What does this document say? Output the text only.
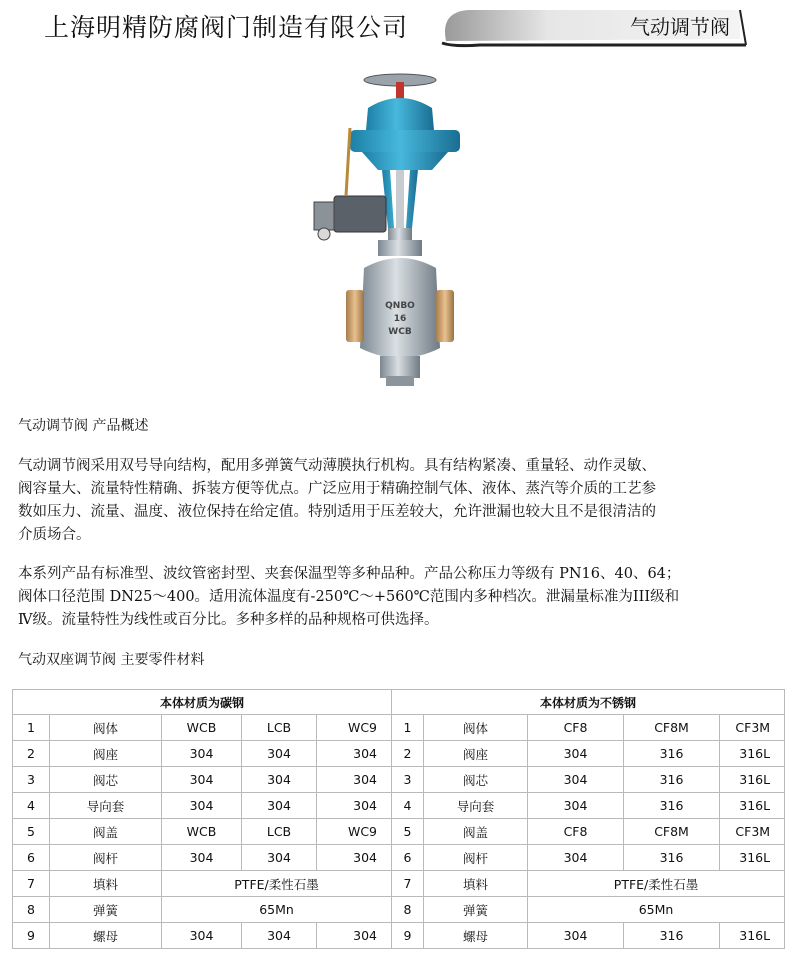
上海明精防腐阀门制造有限公司	气动调节阀
QNBO
16
WCB
气动调节阀 产品概述
气动调节阀采用双号导向结构，配用多弹簧气动薄膜执行机构。具有结构紧凑、重量轻、动作灵敏、
阀容量大、流量特性精确、拆装方便等优点。广泛应用于精确控制气体、液体、蒸汽等介质的工艺参
数如压力、流量、温度、液位保持在给定值。特别适用于压差较大，允许泄漏也较大且不是很清洁的
介质场合。
本系列产品有标准型、波纹管密封型、夹套保温型等多种品种。产品公称压力等级有 PN16、40、64；
阀体口径范围 DN25～400。适用流体温度有-250℃～+560℃范围内多种档次。泄漏量标准为III级和
Ⅳ级。流量特性为线性或百分比。多种多样的品种规格可供选择。
气动双座调节阀 主要零件材料
本体材质为碳钢					本体材质为不锈钢				
1	阀体	WCB	LCB	WC9	1	阀体	CF8	CF8M	CF3M
2	阀座	304	304	304	2	阀座	304	316	316L
3	阀芯	304	304	304	3	阀芯	304	316	316L
4	导向套	304	304	304	4	导向套	304	316	316L
5	阀盖	WCB	LCB	WC9	5	阀盖	CF8	CF8M	CF3M
6	阀杆	304	304	304	6	阀杆	304	316	316L
7	填料	PTFE/柔性石墨			7	填料	PTFE/柔性石墨		
8	弹簧	65Mn			8	弹簧	65Mn		
9	螺母	304	304	304	9	螺母	304	316	316L
